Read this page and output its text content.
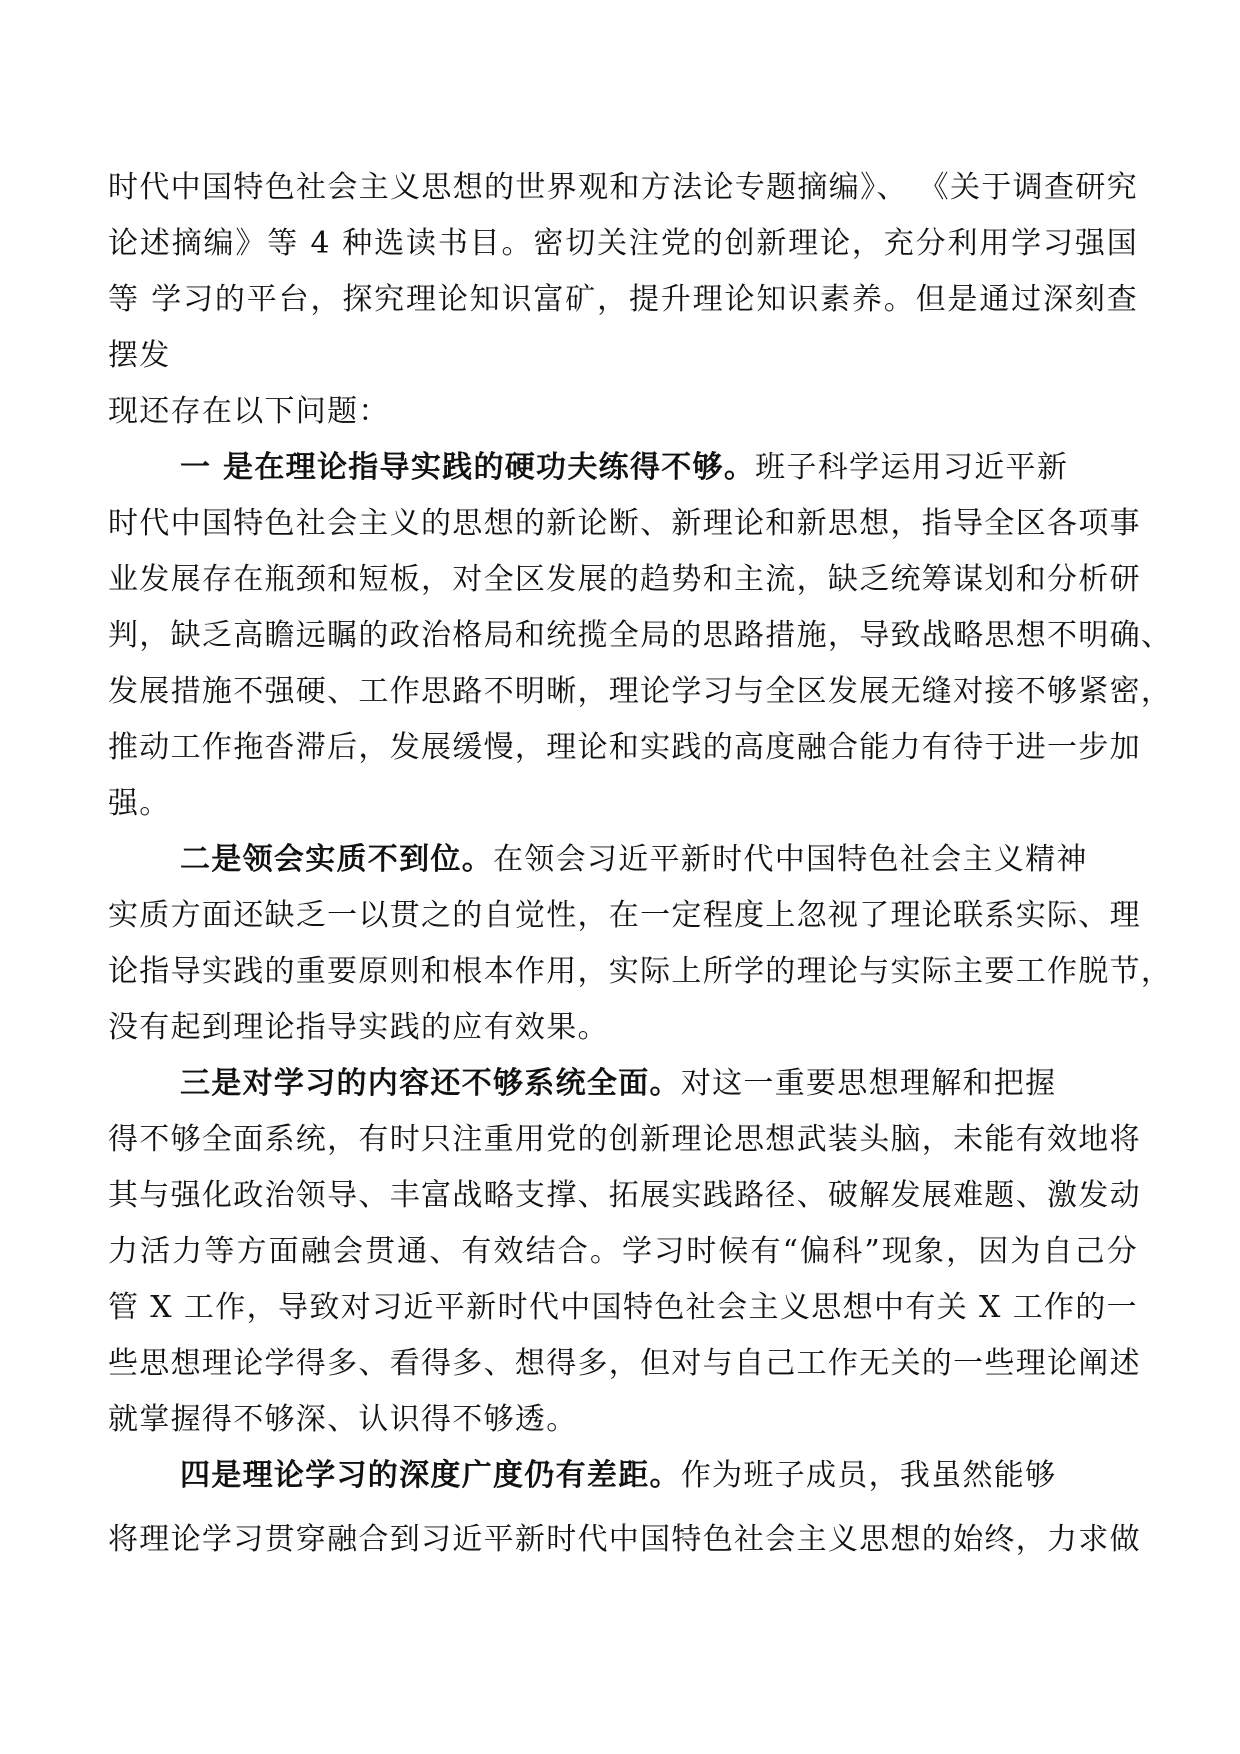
时代中国特色社会主义思想的世界观和方法论专题摘编》、 《关于调查研究
论述摘编》等 4 种选读书目。密切关注党的创新理论，充分利用学习强国
等 学习的平台，探究理论知识富矿，提升理论知识素养。但是通过深刻查
摆发
现还存在以下问题：
一 是在理论指导实践的硬功夫练得不够。班子科学运用习近平新
时代中国特色社会主义的思想的新论断、新理论和新思想，指导全区各项事
业发展存在瓶颈和短板，对全区发展的趋势和主流，缺乏统筹谋划和分析研
判，缺乏高瞻远瞩的政治格局和统揽全局的思路措施，导致战略思想不明确、
发展措施不强硬、工作思路不明晰，理论学习与全区发展无缝对接不够紧密，
推动工作拖沓滞后，发展缓慢，理论和实践的高度融合能力有待于进一步加
强。
二是领会实质不到位。在领会习近平新时代中国特色社会主义精神
实质方面还缺乏一以贯之的自觉性，在一定程度上忽视了理论联系实际、理
论指导实践的重要原则和根本作用，实际上所学的理论与实际主要工作脱节，
没有起到理论指导实践的应有效果。
三是对学习的内容还不够系统全面。对这一重要思想理解和把握
得不够全面系统，有时只注重用党的创新理论思想武装头脑，未能有效地将
其与强化政治领导、丰富战略支撑、拓展实践路径、破解发展难题、激发动
力活力等方面融会贯通、有效结合。学习时候有“偏科”现象，因为自己分
管 X 工作，导致对习近平新时代中国特色社会主义思想中有关 X 工作的一
些思想理论学得多、看得多、想得多，但对与自己工作无关的一些理论阐述
就掌握得不够深、认识得不够透。
四是理论学习的深度广度仍有差距。作为班子成员，我虽然能够
将理论学习贯穿融合到习近平新时代中国特色社会主义思想的始终，力求做
